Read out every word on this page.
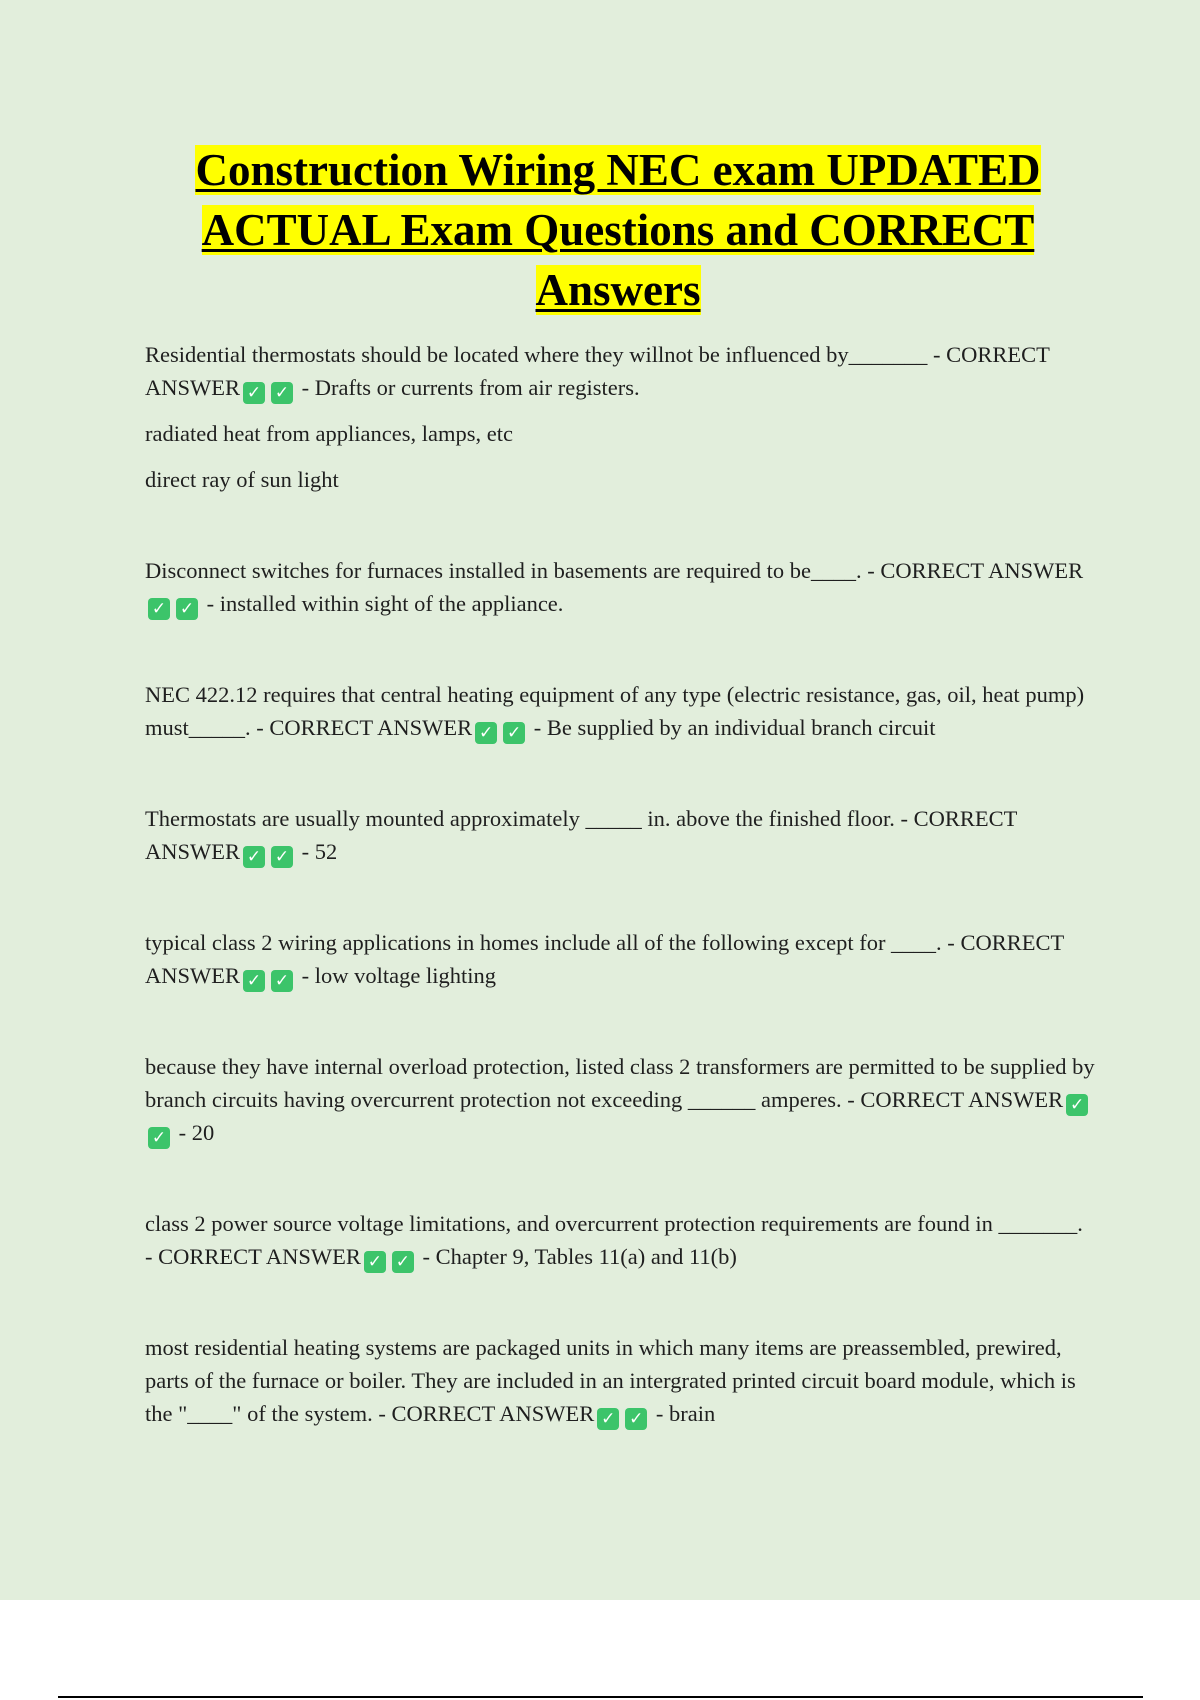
Construction Wiring NEC exam UPDATED ACTUAL Exam Questions and CORRECT Answers

Residential thermostats should be located where they willnot be influenced by_______ - CORRECT ANSWER ✓ ✓ - Drafts or currents from air registers.

radiated heat from appliances, lamps, etc

direct ray of sun light

Disconnect switches for furnaces installed in basements are required to be____. - CORRECT ANSWER✓ ✓ - installed within sight of the appliance.

NEC 422.12 requires that central heating equipment of any type (electric resistance, gas, oil, heat pump) must_____. - CORRECT ANSWER ✓ ✓ - Be supplied by an individual branch circuit

Thermostats are usually mounted approximately _____ in. above the finished floor. - CORRECT ANSWER ✓ ✓ - 52

typical class 2 wiring applications in homes include all of the following except for ____. - CORRECT ANSWER ✓ ✓ - low voltage lighting

because they have internal overload protection, listed class 2 transformers are permitted to be supplied by branch circuits having overcurrent protection not exceeding ______ amperes. - CORRECT ANSWER ✓✓ - 20

class 2 power source voltage limitations, and overcurrent protection requirements are found in _______. - CORRECT ANSWER ✓ ✓ - Chapter 9, Tables 11(a) and 11(b)

most residential heating systems are packaged units in which many items are preassembled, prewired, parts of the furnace or boiler. They are included in an intergrated printed circuit board module, which is the "____" of the system. - CORRECT ANSWER ✓ ✓ - brain
